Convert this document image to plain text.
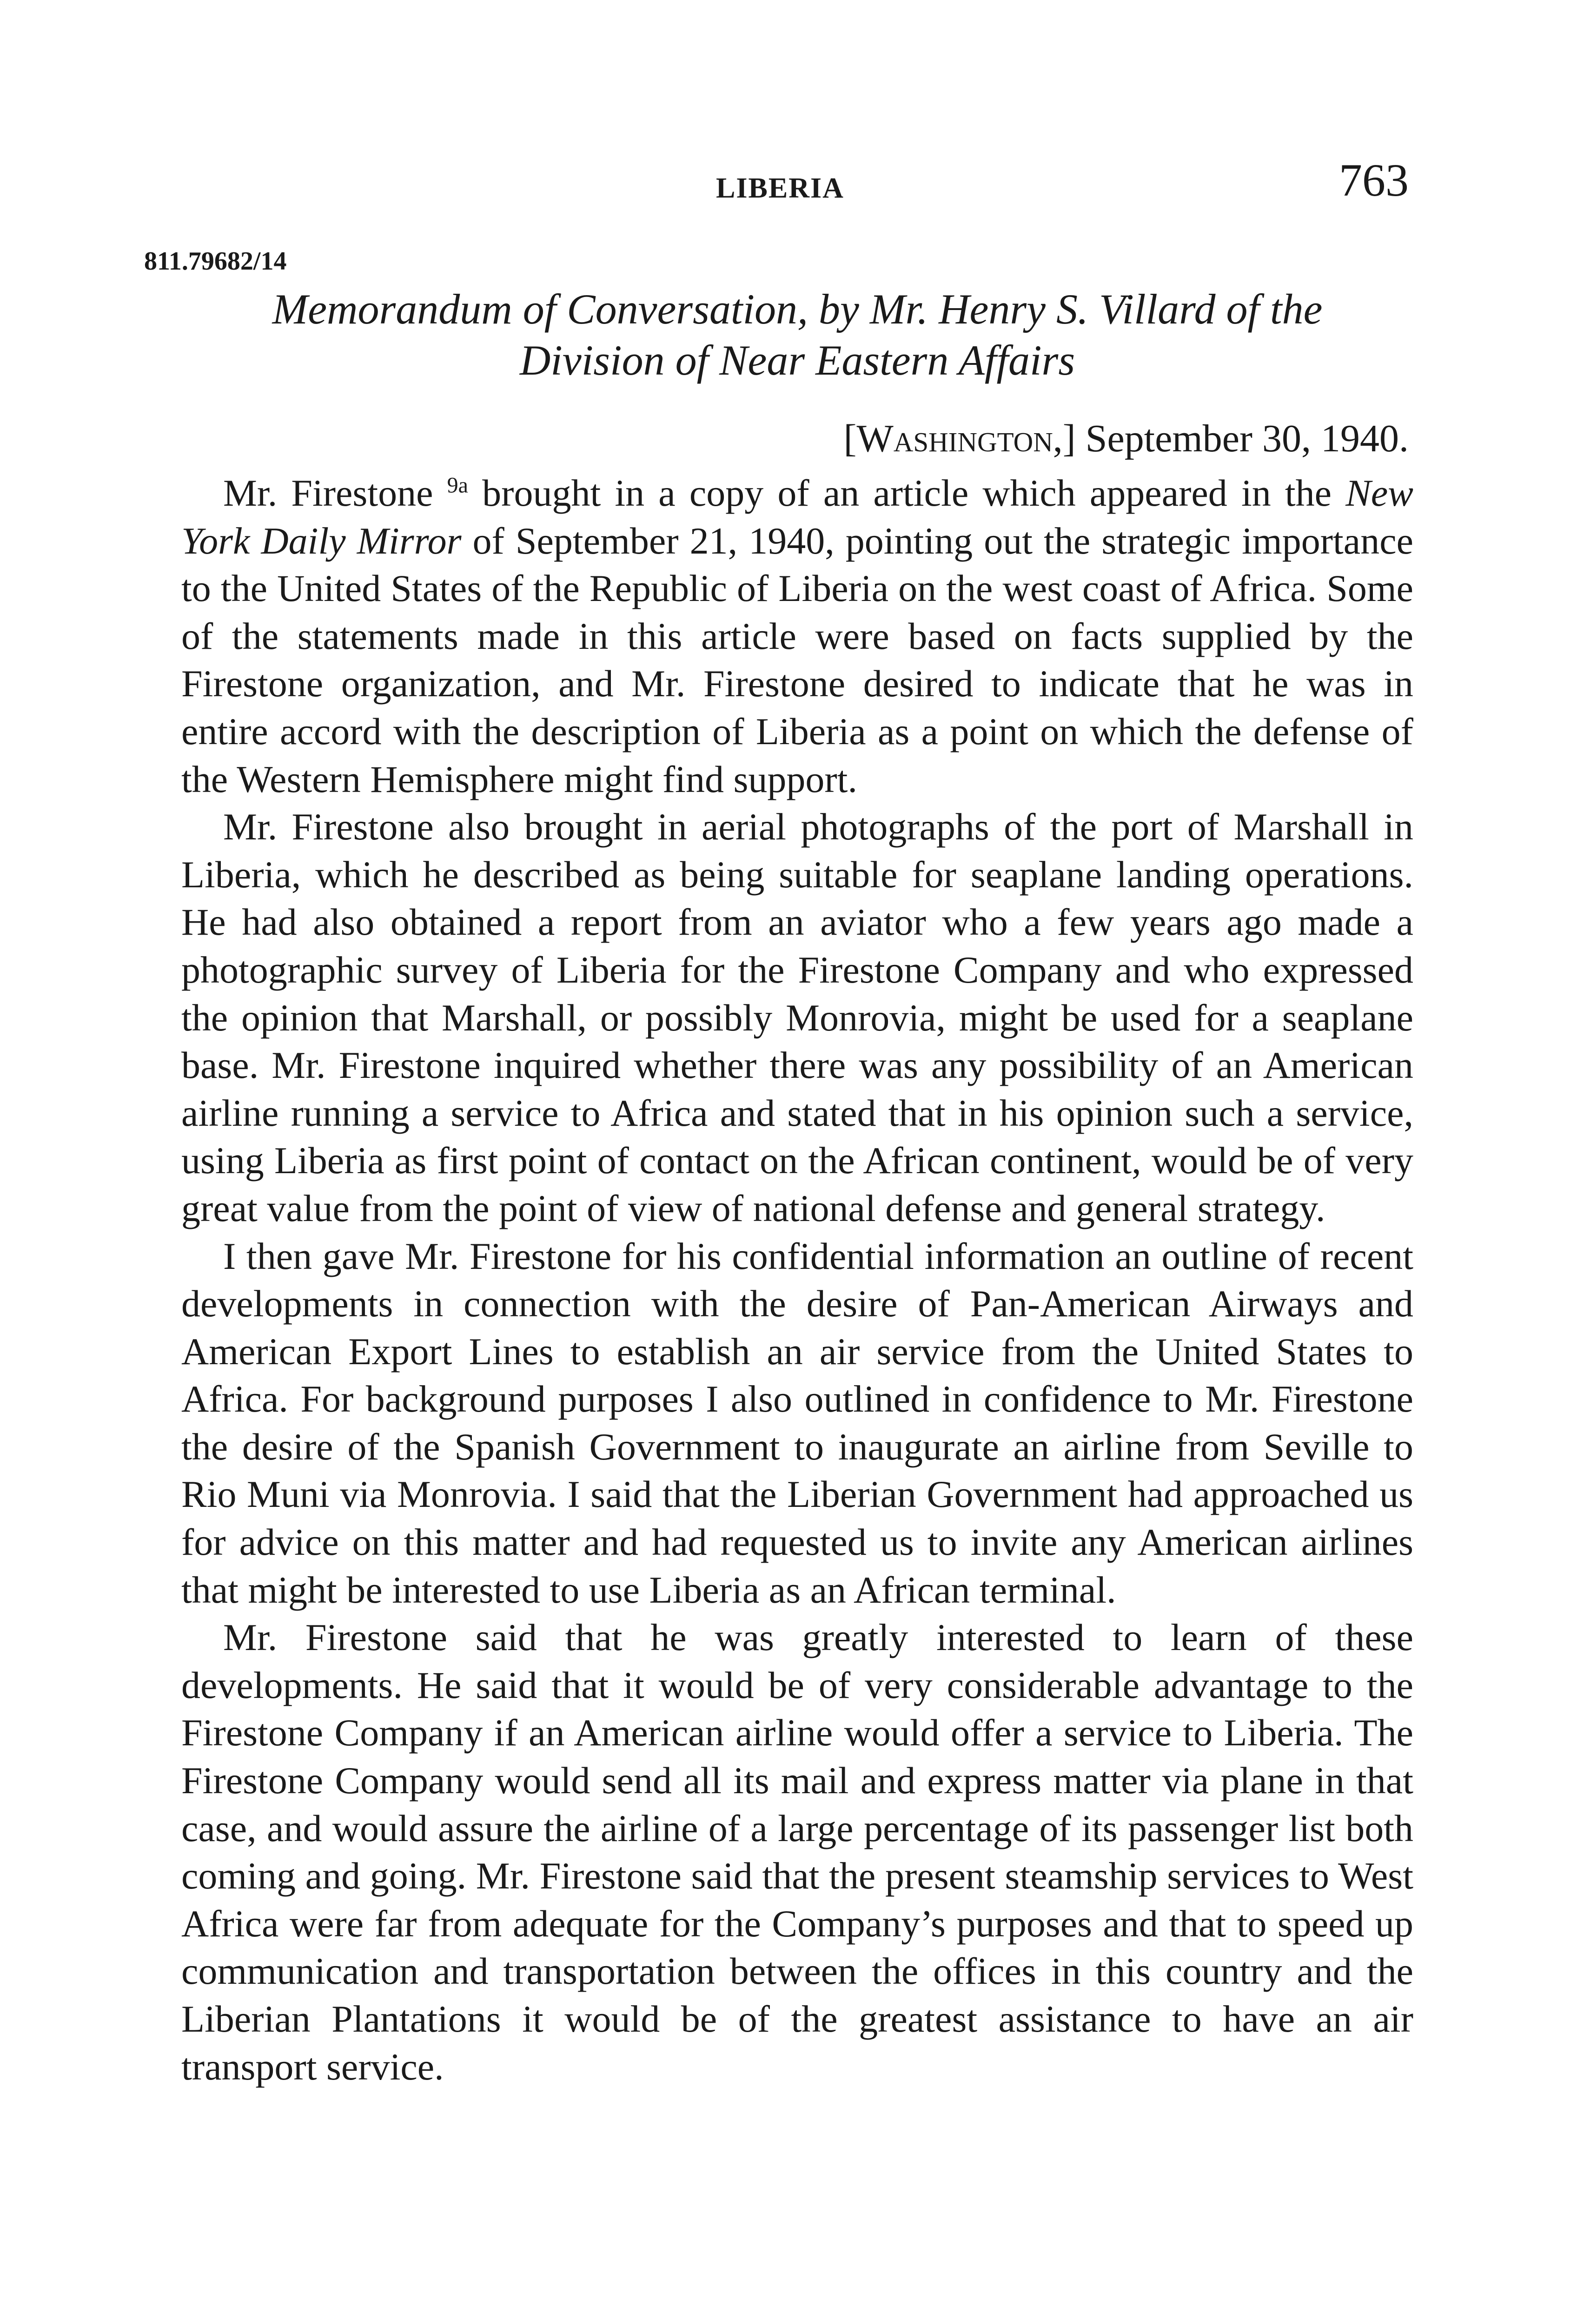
LIBERIA	763
811.79682/14
Memorandum of Conversation, by Mr. Henry S. Villard of the
Division of Near Eastern Affairs
[Washington,] September 30, 1940.

Mr. Firestone $^{9a}$ brought in a copy of an article which appeared in the New York Daily Mirror of September 21, 1940, pointing out the strategic importance to the United States of the Republic of Liberia on the west coast of Africa. Some of the statements made in this article were based on facts supplied by the Firestone organization, and Mr. Firestone desired to indicate that he was in entire accord with the description of Liberia as a point on which the defense of the Western Hemisphere might find support.

Mr. Firestone also brought in aerial photographs of the port of Marshall in Liberia, which he described as being suitable for seaplane landing operations. He had also obtained a report from an aviator who a few years ago made a photographic survey of Liberia for the Firestone Company and who expressed the opinion that Marshall, or possibly Monrovia, might be used for a seaplane base. Mr. Firestone inquired whether there was any possibility of an American airline running a service to Africa and stated that in his opinion such a service, using Liberia as first point of contact on the African continent, would be of very great value from the point of view of national defense and general strategy.

I then gave Mr. Firestone for his confidential information an outline of recent developments in connection with the desire of Pan-American Airways and American Export Lines to establish an air service from the United States to Africa. For background purposes I also outlined in confidence to Mr. Firestone the desire of the Spanish Government to inaugurate an airline from Seville to Rio Muni via Monrovia. I said that the Liberian Government had approached us for advice on this matter and had requested us to invite any American airlines that might be interested to use Liberia as an African terminal.

Mr. Firestone said that he was greatly interested to learn of these developments. He said that it would be of very considerable advantage to the Firestone Company if an American airline would offer a service to Liberia. The Firestone Company would send all its mail and express matter via plane in that case, and would assure the airline of a large percentage of its passenger list both coming and going. Mr. Firestone said that the present steamship services to West Africa were far from adequate for the Company’s purposes and that to speed up communication and transportation between the offices in this country and the Liberian Plantations it would be of the greatest assistance to have an air transport service.
